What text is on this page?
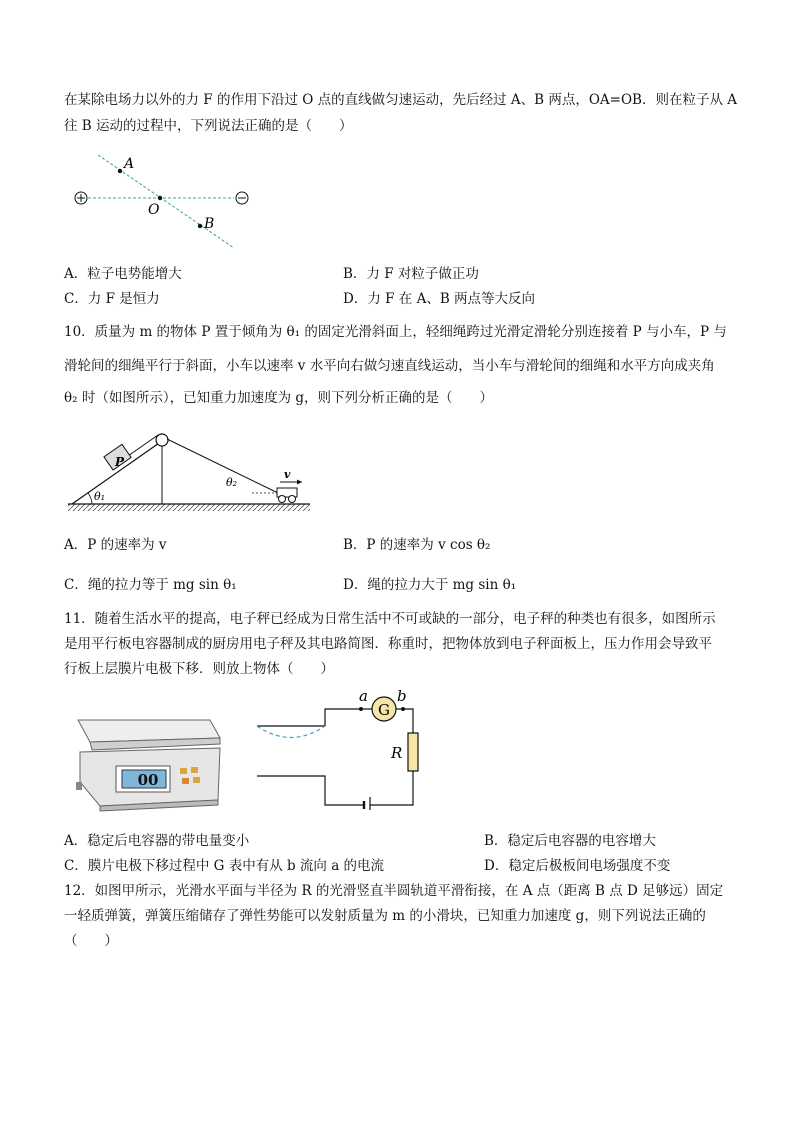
在某除电场力以外的力 F 的作用下沿过 O 点的直线做匀速运动，先后经过 A、B 两点，OA=OB．则在粒子从 A
往 B 运动的过程中，下列说法正确的是（　　）
A
O
B
A．粒子电势能增大	B．力 F 对粒子做正功
C．力 F 是恒力	D．力 F 在 A、B 两点等大反向
10．质量为 m 的物体 P 置于倾角为 θ₁ 的固定光滑斜面上，轻细绳跨过光滑定滑轮分别连接着 P 与小车，P 与
滑轮间的细绳平行于斜面，小车以速率 v 水平向右做匀速直线运动，当小车与滑轮间的细绳和水平方向成夹角
θ₂ 时（如图所示），已知重力加速度为 g，则下列分析正确的是（　　）
P
θ₁
θ₂
v
A．P 的速率为 v	B．P 的速率为 v cos θ₂
C．绳的拉力等于 mg sin θ₁	D．绳的拉力大于 mg sin θ₁
11．随着生活水平的提高，电子秤已经成为日常生活中不可或缺的一部分，电子秤的种类也有很多，如图所示
是用平行板电容器制成的厨房用电子秤及其电路简图．称重时，把物体放到电子秤面板上，压力作用会导致平
行板上层膜片电极下移．则放上物体（　　）
00
a
G
b
R
A．稳定后电容器的带电量变小	B．稳定后电容器的电容增大
C．膜片电极下移过程中 G 表中有从 b 流向 a 的电流	D．稳定后极板间电场强度不变
12．如图甲所示，光滑水平面与半径为 R 的光滑竖直半圆轨道平滑衔接，在 A 点（距离 B 点 D 足够远）固定
一轻质弹簧，弹簧压缩储存了弹性势能可以发射质量为 m 的小滑块，已知重力加速度 g，则下列说法正确的
（　　）
